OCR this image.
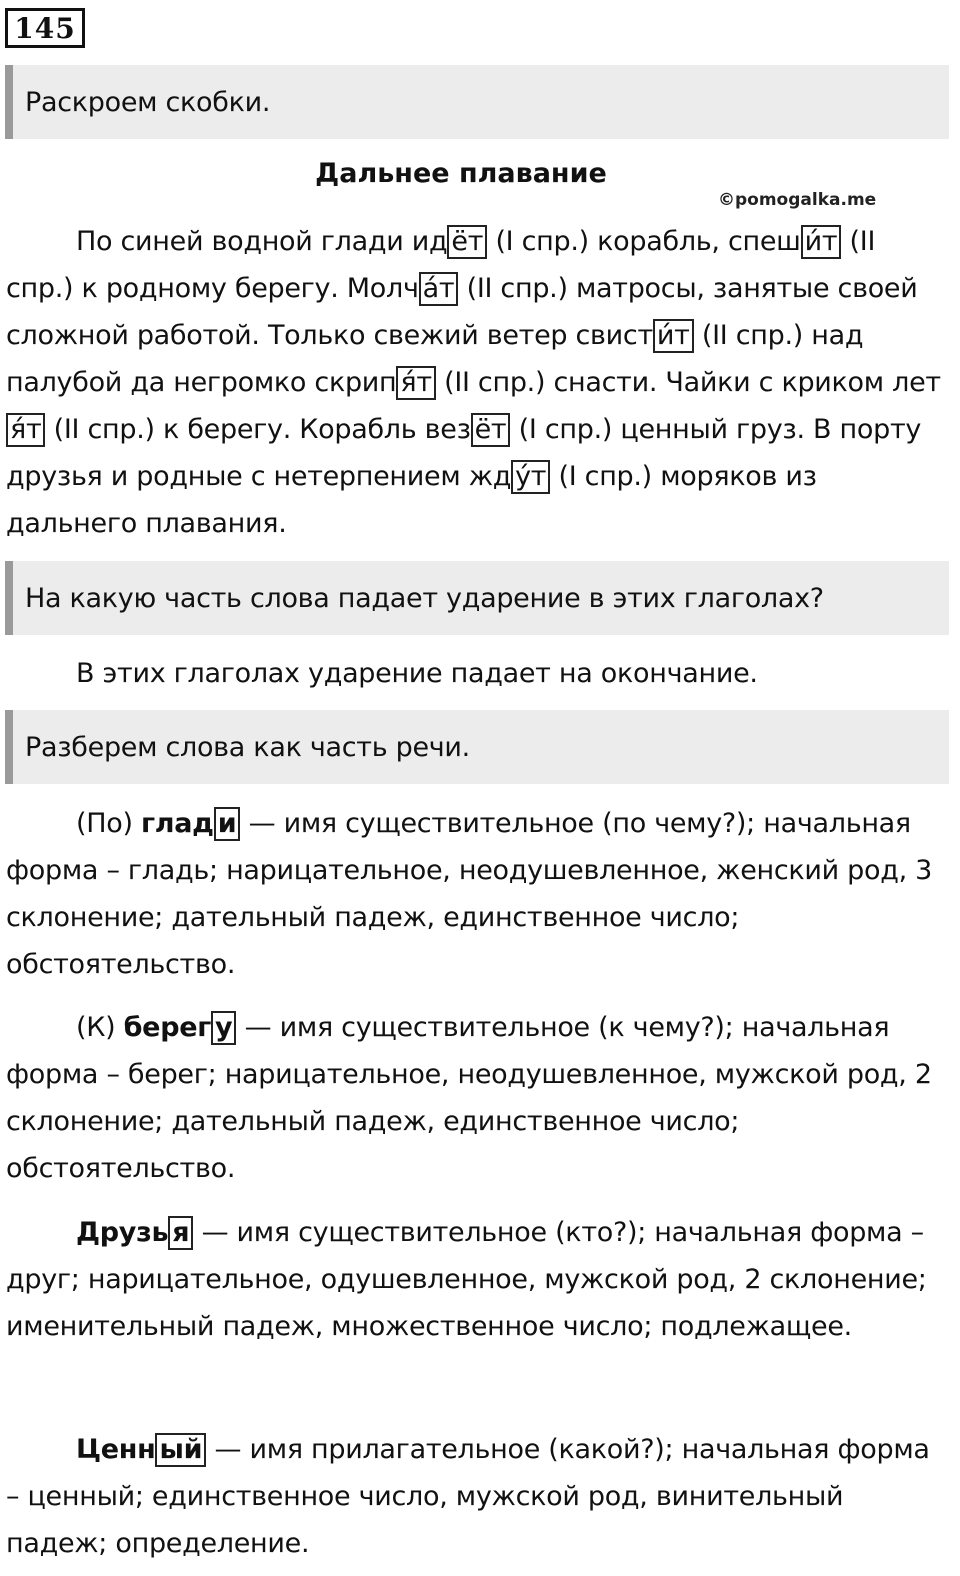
145
Раскроем скобки.
Дальнее плавание
©pomogalka.me
По синей водной глади ид ёт (I спр.) корабль, спеш и́т (II спр.) к родному берегу. Молч а́т (II спр.) матросы, занятые своей сложной работой. Только свежий ветер свист и́т (II спр.) над палубой да негромко скрип я́т (II спр.) снасти. Чайки с криком летя́т (II спр.) к берегу. Корабль вез ёт (I спр.) ценный груз. В порту друзья и родные с нетерпением жд у́т (I спр.) моряков из дальнего плавания.
На какую часть слова падает ударение в этих глаголах?
В этих глаголах ударение падает на окончание.
Разберем слова как часть речи.
(По) глад и — имя существительное (по чему?); начальная форма – гладь; нарицательное, неодушевленное, женский род, 3 склонение; дательный падеж, единственное число; обстоятельство.
(К) берег у — имя существительное (к чему?); начальная форма – берег; нарицательное, неодушевленное, мужской род, 2 склонение; дательный падеж, единственное число; обстоятельство.
Друзь я — имя существительное (кто?); начальная форма – друг; нарицательное, одушевленное, мужской род, 2 склонение; именительный падеж, множественное число; подлежащее.
Ценн ый — имя прилагательное (какой?); начальная форма – ценный; единственное число, мужской род, винительный падеж; определение.
